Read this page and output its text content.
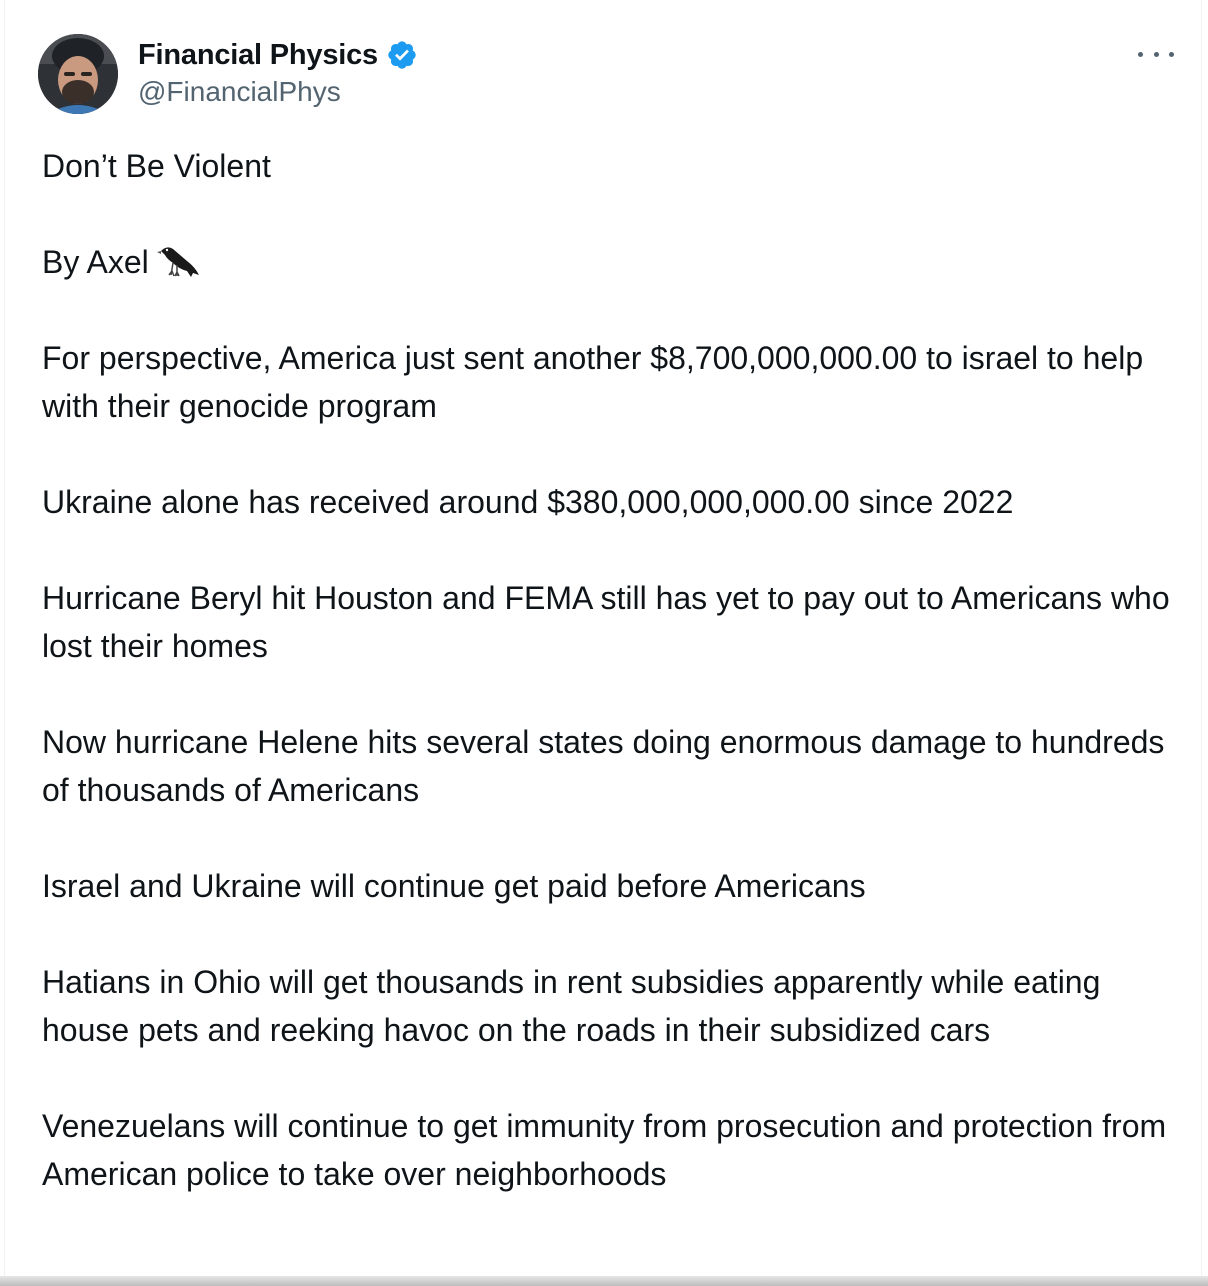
Financial Physics
@FinancialPhys

Don’t Be Violent

By Axel

For perspective, America just sent another $8,700,000,000.00 to israel to help with their genocide program

Ukraine alone has received around $380,000,000,000.00 since 2022

Hurricane Beryl hit Houston and FEMA still has yet to pay out to Americans who lost their homes

Now hurricane Helene hits several states doing enormous damage to hundreds of thousands of Americans

Israel and Ukraine will continue get paid before Americans

Hatians in Ohio will get thousands in rent subsidies apparently while eating house pets and reeking havoc on the roads in their subsidized cars

Venezuelans will continue to get immunity from prosecution and protection from American police to take over neighborhoods
